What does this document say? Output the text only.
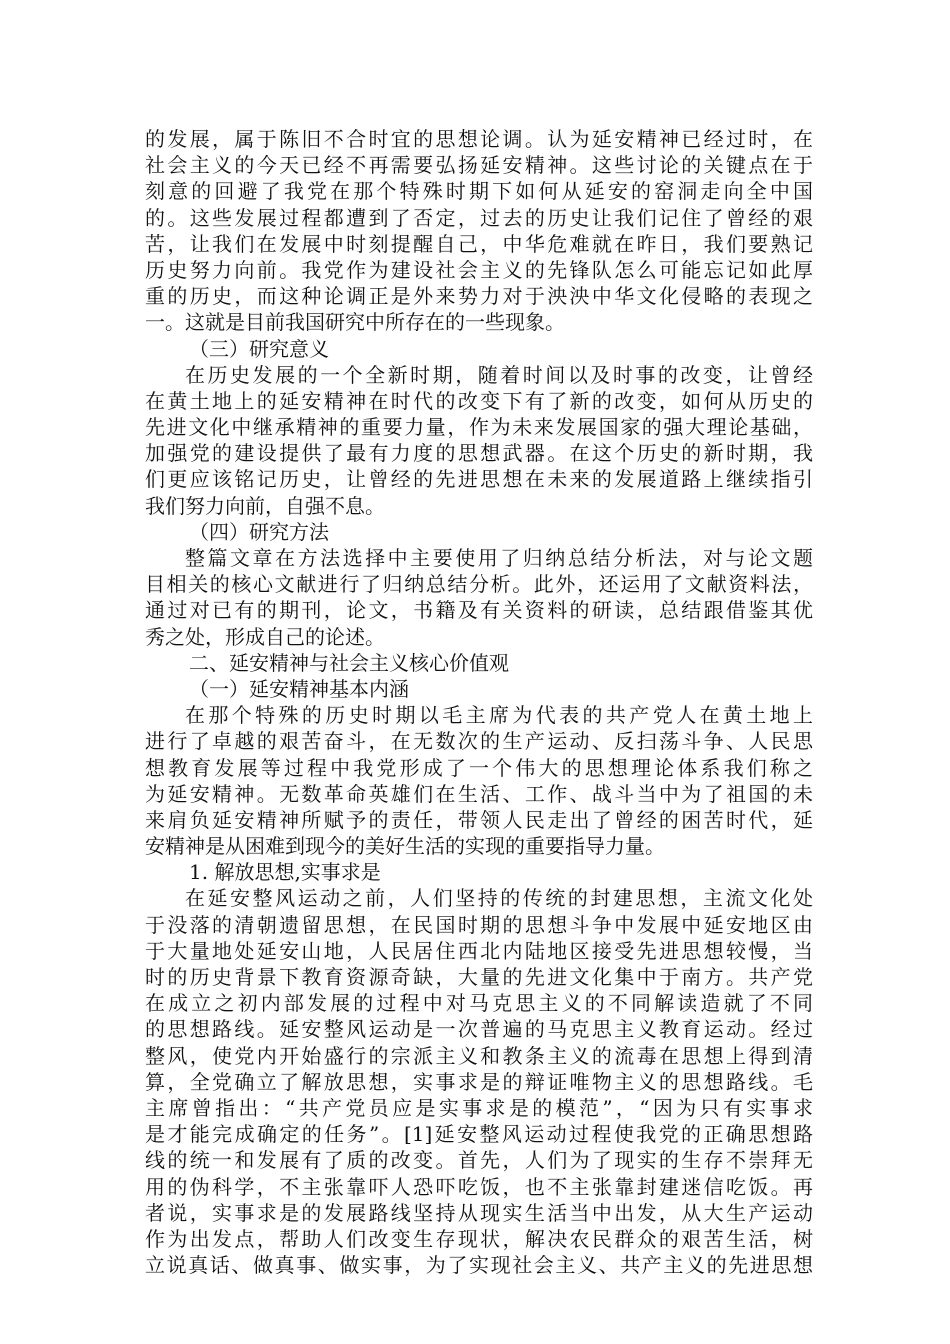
的发展，属于陈旧不合时宜的思想论调。认为延安精神已经过时，在
社会主义的今天已经不再需要弘扬延安精神。这些讨论的关键点在于
刻意的回避了我党在那个特殊时期下如何从延安的窑洞走向全中国
的。这些发展过程都遭到了否定，过去的历史让我们记住了曾经的艰
苦，让我们在发展中时刻提醒自己，中华危难就在昨日，我们要熟记
历史努力向前。我党作为建设社会主义的先锋队怎么可能忘记如此厚
重的历史，而这种论调正是外来势力对于泱泱中华文化侵略的表现之
一。这就是目前我国研究中所存在的一些现象。
（三）研究意义
在历史发展的一个全新时期，随着时间以及时事的改变，让曾经
在黄土地上的延安精神在时代的改变下有了新的改变，如何从历史的
先进文化中继承精神的重要力量，作为未来发展国家的强大理论基础，
加强党的建设提供了最有力度的思想武器。在这个历史的新时期，我
们更应该铭记历史，让曾经的先进思想在未来的发展道路上继续指引
我们努力向前，自强不息。
（四）研究方法
整篇文章在方法选择中主要使用了归纳总结分析法，对与论文题
目相关的核心文献进行了归纳总结分析。此外，还运用了文献资料法，
通过对已有的期刊，论文，书籍及有关资料的研读，总结跟借鉴其优
秀之处，形成自己的论述。
二、延安精神与社会主义核心价值观
（一）延安精神基本内涵
在那个特殊的历史时期以毛主席为代表的共产党人在黄土地上
进行了卓越的艰苦奋斗，在无数次的生产运动、反扫荡斗争、人民思
想教育发展等过程中我党形成了一个伟大的思想理论体系我们称之
为延安精神。无数革命英雄们在生活、工作、战斗当中为了祖国的未
来肩负延安精神所赋予的责任，带领人民走出了曾经的困苦时代，延
安精神是从困难到现今的美好生活的实现的重要指导力量。
1. 解放思想,实事求是
在延安整风运动之前，人们坚持的传统的封建思想，主流文化处
于没落的清朝遗留思想，在民国时期的思想斗争中发展中延安地区由
于大量地处延安山地，人民居住西北内陆地区接受先进思想较慢，当
时的历史背景下教育资源奇缺，大量的先进文化集中于南方。共产党
在成立之初内部发展的过程中对马克思主义的不同解读造就了不同
的思想路线。延安整风运动是一次普遍的马克思主义教育运动。经过
整风，使党内开始盛行的宗派主义和教条主义的流毒在思想上得到清
算，全党确立了解放思想，实事求是的辩证唯物主义的思想路线。毛
主席曾指出：“共产党员应是实事求是的模范”，“因为只有实事求
是才能完成确定的任务”。[1]延安整风运动过程使我党的正确思想路
线的统一和发展有了质的改变。首先，人们为了现实的生存不崇拜无
用的伪科学，不主张靠吓人恐吓吃饭，也不主张靠封建迷信吃饭。再
者说，实事求是的发展路线坚持从现实生活当中出发，从大生产运动
作为出发点，帮助人们改变生存现状，解决农民群众的艰苦生活，树
立说真话、做真事、做实事，为了实现社会主义、共产主义的先进思想
